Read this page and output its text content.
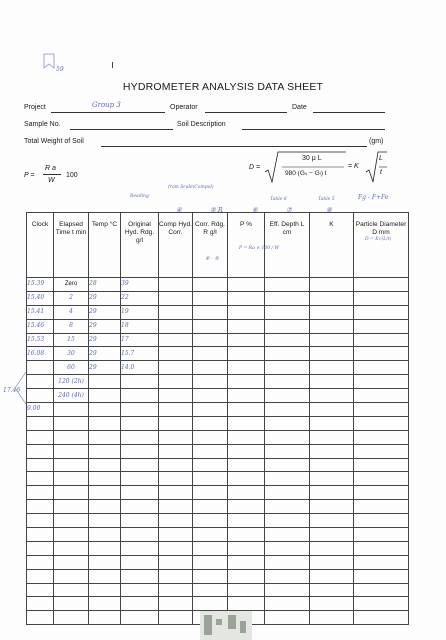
59
HYDROMETER ANALYSIS DATA SHEET
Project	Group 3	Operator	Date
Sample No.	Soil Description
Total Weight of Soil	(gm)
P =
R a
W
100
D =
30 μ L
980 (Gₛ − Gₗ) t
= K
L
t
Reading
from Scale(Compol)
Table 6	Table 5	Fg - F+Fe
④	⑤ R	⑥	⑦	⑧
Clock	Elapsed Time t min	Temp °C	Original Hyd. Rdg. g/l	Comp Hyd. Corr.	Corr. Rdg. R g/l	P %	Eff. Depth L cm	K	Particle Diameter D mm
15.39	Zero	28	39						
15.40	2	29	22						
15.41	4	29	19						
15.46	8	29	18						
15.53	15	29	17						
16.08	30	29	15.7						
	60	29	14.0						
	120 (2h)								
	240 (4h)								
9.00									

P = Ra × 100 / W
D = K√(L/t)
④ - ⑤
17.46
